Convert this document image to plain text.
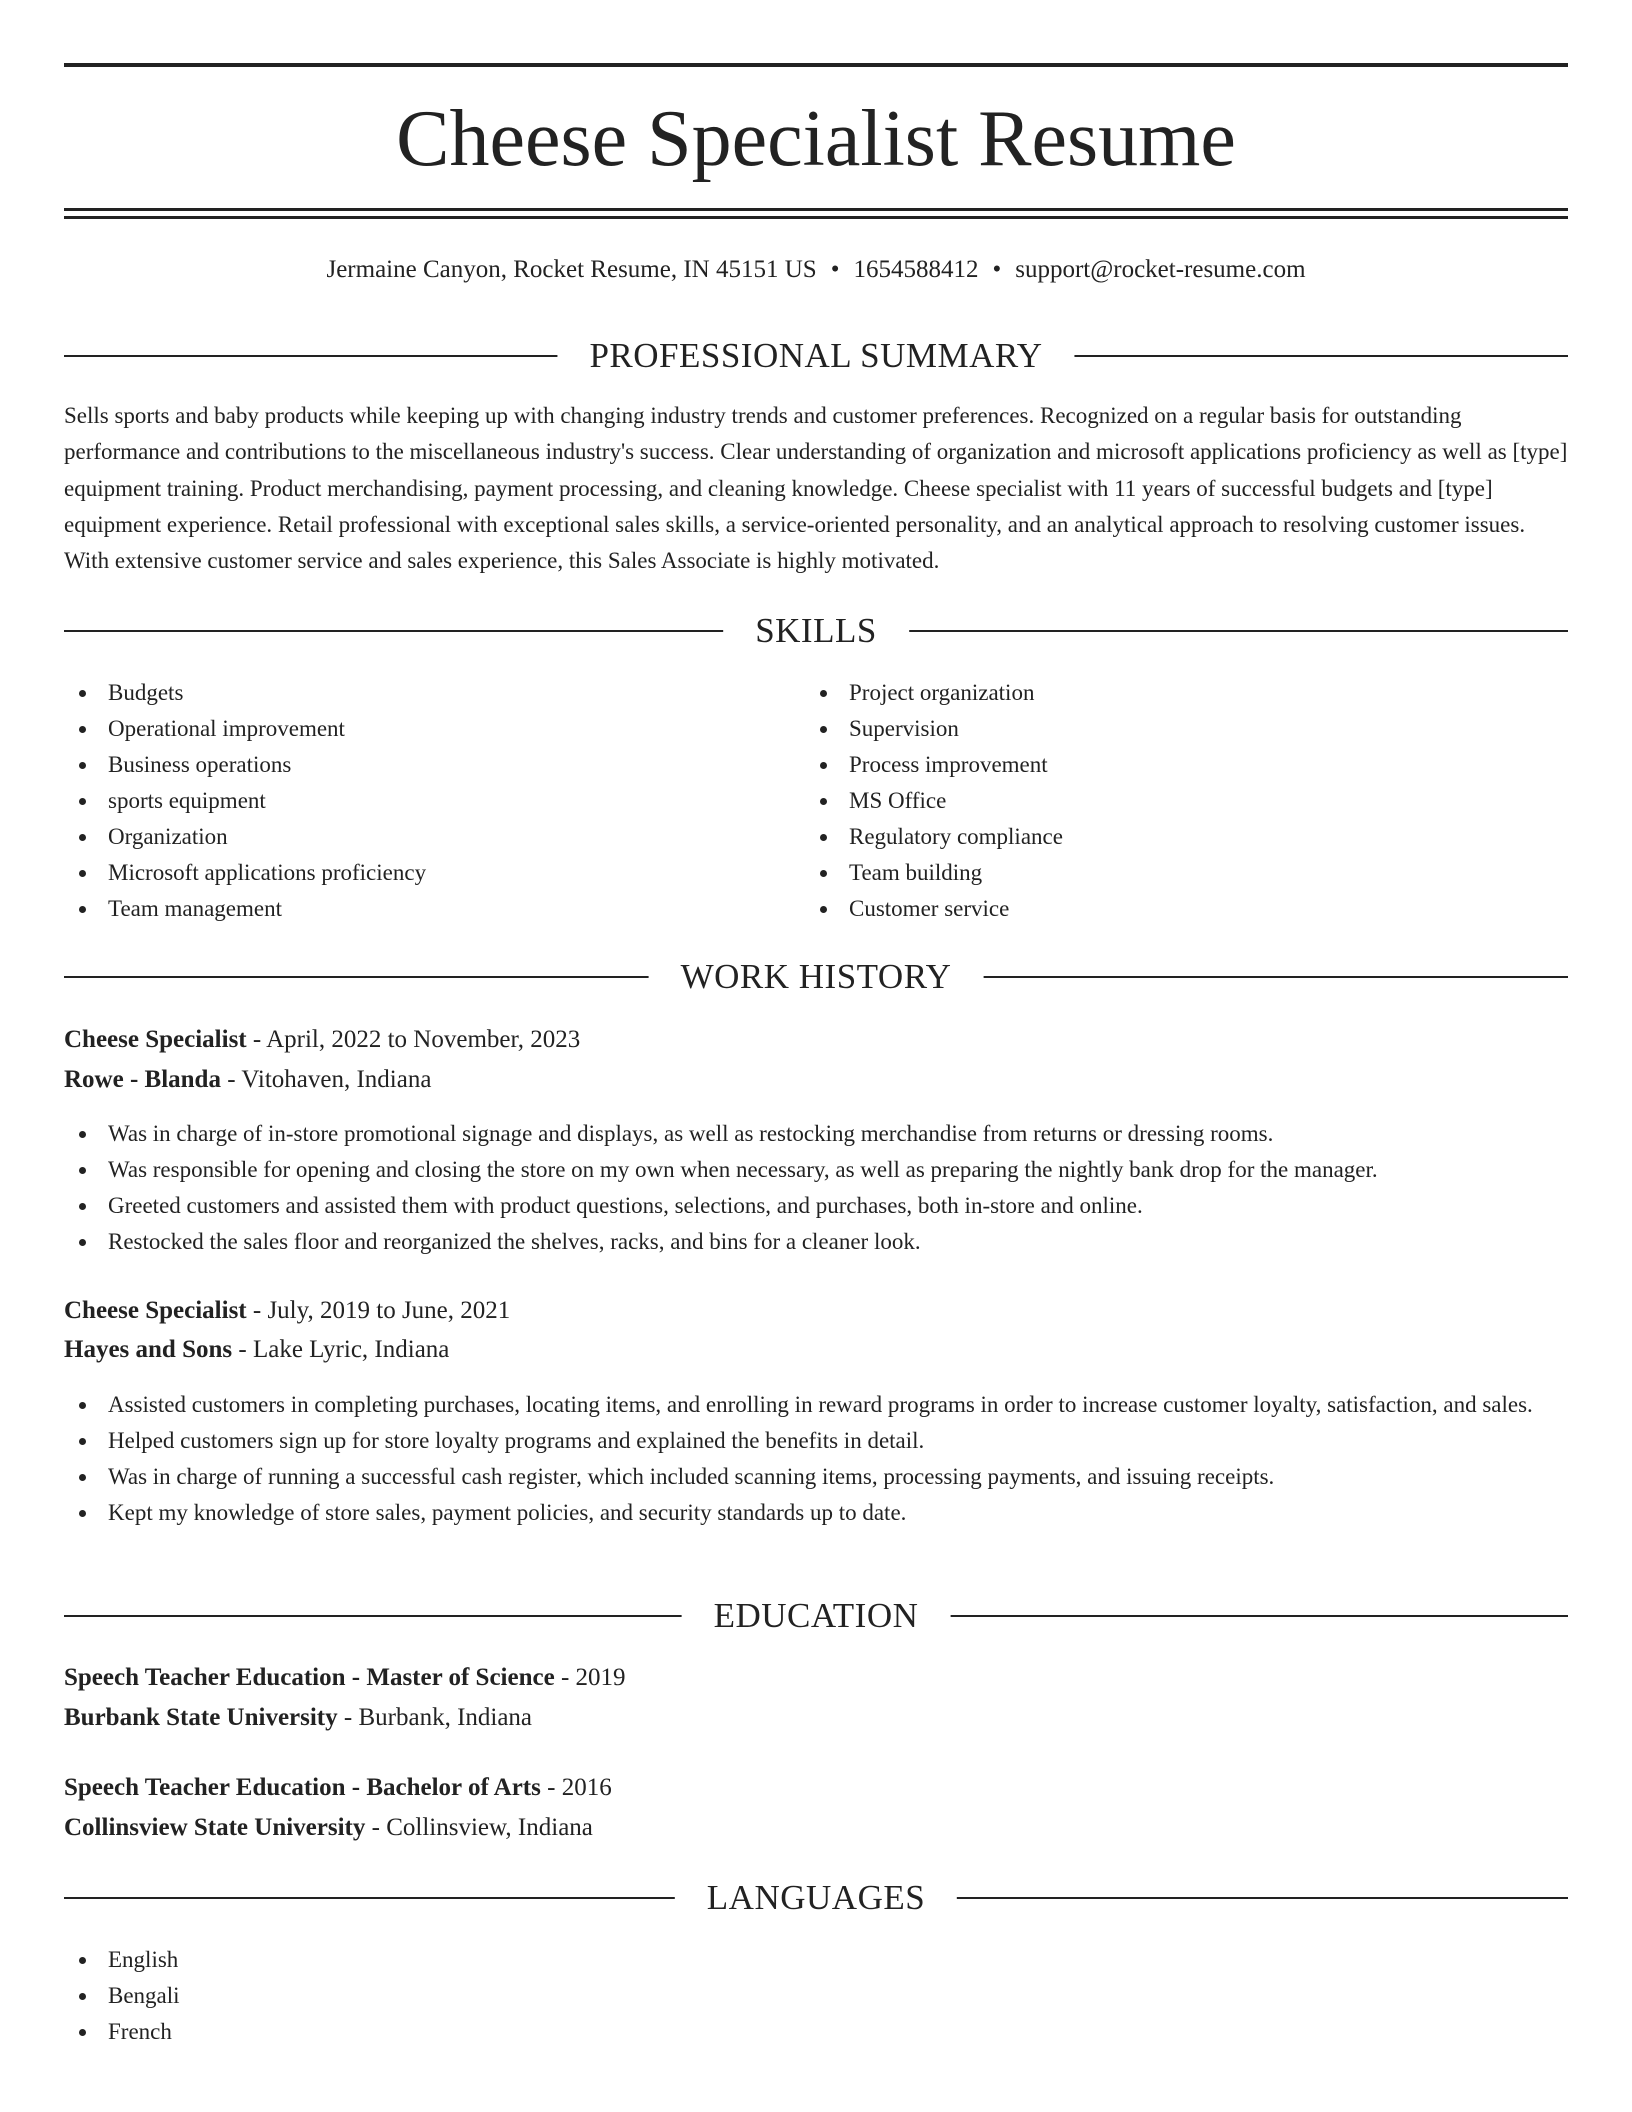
Cheese Specialist Resume
Jermaine Canyon, Rocket Resume, IN 45151 US • 1654588412 • support@rocket-resume.com
PROFESSIONAL SUMMARY

Sells sports and baby products while keeping up with changing industry trends and customer preferences. Recognized on a regular basis for outstanding performance and contributions to the miscellaneous industry's success. Clear understanding of organization and microsoft applications proficiency as well as [type] equipment training. Product merchandising, payment processing, and cleaning knowledge. Cheese specialist with 11 years of successful budgets and [type] equipment experience. Retail professional with exceptional sales skills, a service-oriented personality, and an analytical approach to resolving customer issues. With extensive customer service and sales experience, this Sales Associate is highly motivated.

SKILLS
Budgets
Operational improvement
Business operations
sports equipment
Organization
Microsoft applications proficiency
Team management
Project organization
Supervision
Process improvement
MS Office
Regulatory compliance
Team building
Customer service
WORK HISTORY
Cheese Specialist - April, 2022 to November, 2023
Rowe - Blanda - Vitohaven, Indiana
Was in charge of in-store promotional signage and displays, as well as restocking merchandise from returns or dressing rooms.
Was responsible for opening and closing the store on my own when necessary, as well as preparing the nightly bank drop for the manager.
Greeted customers and assisted them with product questions, selections, and purchases, both in-store and online.
Restocked the sales floor and reorganized the shelves, racks, and bins for a cleaner look.
Cheese Specialist - July, 2019 to June, 2021
Hayes and Sons - Lake Lyric, Indiana
Assisted customers in completing purchases, locating items, and enrolling in reward programs in order to increase customer loyalty, satisfaction, and sales.
Helped customers sign up for store loyalty programs and explained the benefits in detail.
Was in charge of running a successful cash register, which included scanning items, processing payments, and issuing receipts.
Kept my knowledge of store sales, payment policies, and security standards up to date.
EDUCATION
Speech Teacher Education - Master of Science - 2019
Burbank State University - Burbank, Indiana
Speech Teacher Education - Bachelor of Arts - 2016
Collinsview State University - Collinsview, Indiana
LANGUAGES
English
Bengali
French
